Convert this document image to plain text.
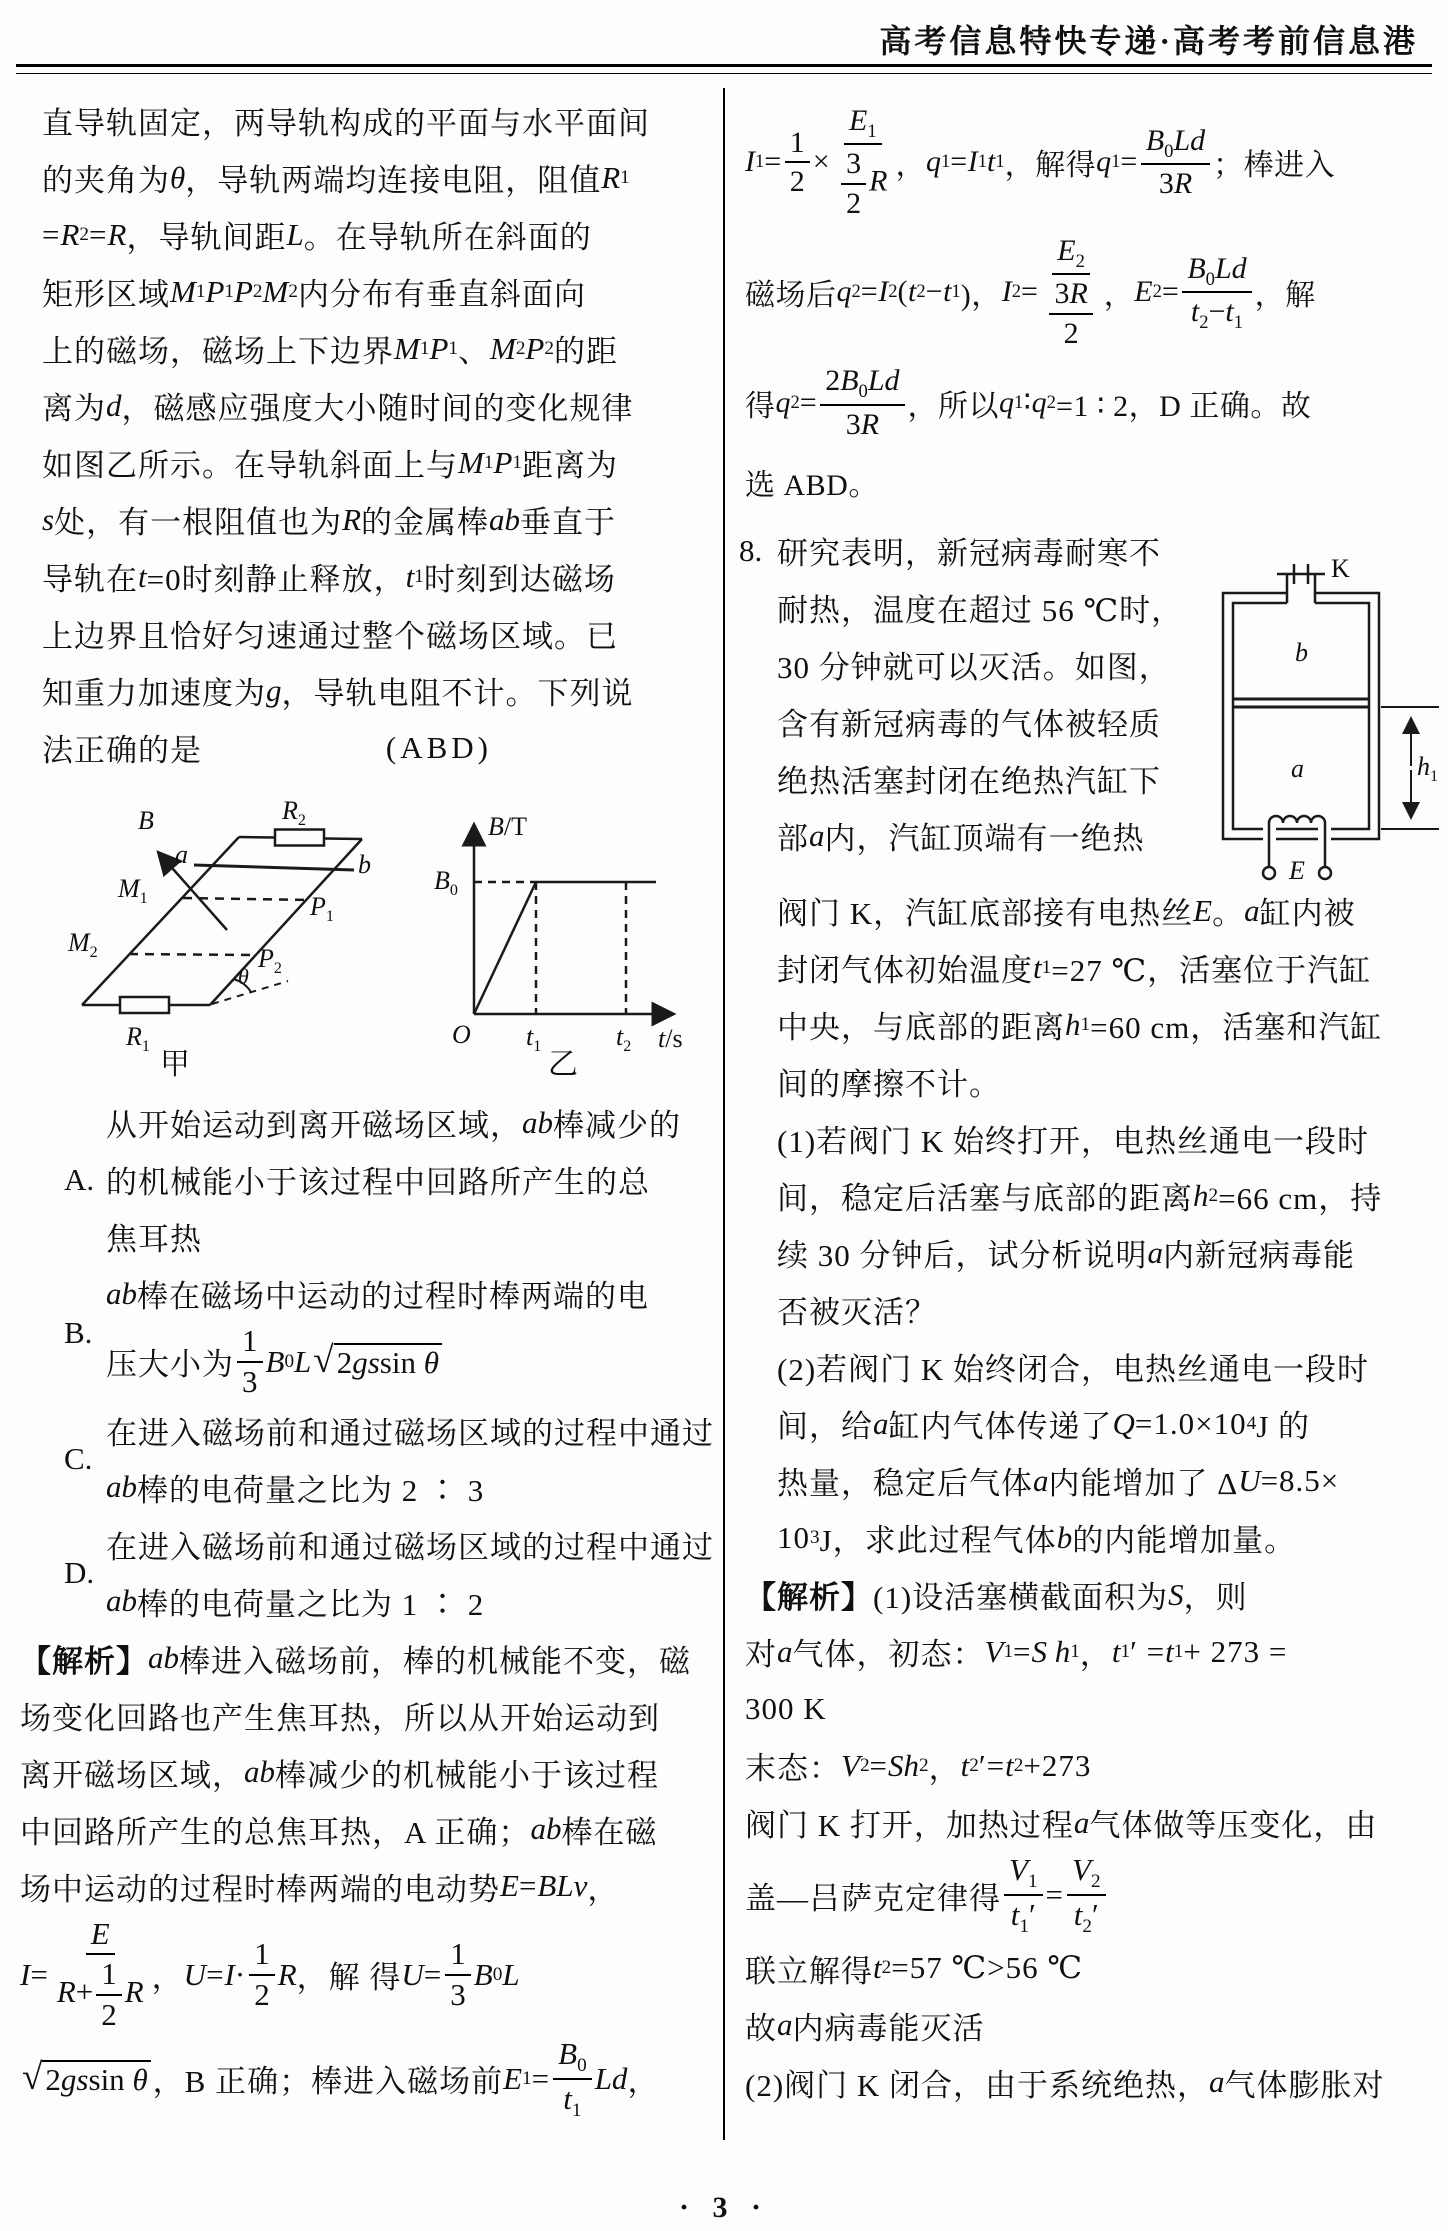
高考信息特快专递·高考考前信息港
直导轨固定，两导轨构成的平面与水平面间
的夹角为 θ ，导轨两端均连接电阻，阻值 R 1
= R 2 = R ，导轨间距 L 。在导轨所在斜面的
矩形区域 M 1 P 1 P 2 M 2 内分布有垂直斜面向
上的磁场，磁场上下边界 M 1 P 1 、 M 2 P 2 的距
离为 d ，磁感应强度大小随时间的变化规律
如图乙所示。在导轨斜面上与 M 1 P 1 距离为
s 处，有一根阻值也为 R 的金属棒 ab 垂直于
导轨在 t =0时刻静止释放， t 1 时刻到达磁场
上边界且恰好匀速通过整个磁场区域。已
知重力加速度为 g ，导轨电阻不计。下列说
法正确的是	(ABD)
B
a	b
$M_1$
$M_2$
$P_1$
$P_2$
θ
$R_2$
$R_1$
甲
B/T
$B_0$
O $t_1$	$t_2$ t/s
乙
A.
从开始运动到离开磁场区域， ab 棒减少的
的机械能小于该过程中回路所产生的总
焦耳热
B.
ab 棒在磁场中运动的过程时棒两端的电
压大小为 $\frac{1}{3}$ B 0 L √ 2gssin θ
C.
在进入磁场前和通过磁场区域的过程中通过
ab 棒的电荷量之比为 2 ∶ 3
D.
在进入磁场前和通过磁场区域的过程中通过
ab 棒的电荷量之比为 1 ∶ 2
【解析】 ab 棒进入磁场前，棒的机械能不变，磁
场变化回路也产生焦耳热，所以从开始运动到
离开磁场区域， ab 棒减少的机械能小于该过程
中回路所产生的总焦耳热，A 正确； ab 棒在磁
场中运动的过程时棒两端的电动势 E = BLv ，
$I = \frac{E}{R+ \frac{1}{2} R}$ ， $U = I \cdot \frac{1}{2}$ R ，解 得 $U = \frac{1}{3}$ B 0 L
√ 2gssin θ ，B 正确；棒进入磁场前 E $1 = \frac{B_0}{t_1}$ Ld ，
I $1 = \frac{1}{2} \times \frac{E_1}{\frac{3}{2} R}$ ， q 1 = I 1 t 1 ，解得 q $1 = \frac{B_0Ld}{3R}$ ；棒进入
磁场后 q 2 = I 2 ( t 2 − t 1 )， I $2 = \frac{E_2}{\frac{3R}{2}}$ ， E $2 = \frac{B_0Ld}{t_2-t_1}$ ，解
得 q $2 = \frac{2B_0Ld}{3R}$ ，所以 q 1 ∶ q 2 =1 ∶ 2，D 正确。故
选 ABD。
8.
K
b
a
E
$h_1$
研究表明，新冠病毒耐寒不
耐热，温度在超过 56 ℃时，
30 分钟就可以灭活。如图，
含有新冠病毒的气体被轻质
绝热活塞封闭在绝热汽缸下
部 a 内，汽缸顶端有一绝热
阀门 K，汽缸底部接有电热丝 E 。 a 缸内被
封闭气体初始温度 t 1 =27 ℃，活塞位于汽缸
中央，与底部的距离 h 1 =60 cm，活塞和汽缸
间的摩擦不计。
(1)若阀门 K 始终打开，电热丝通电一段时
间，稳定后活塞与底部的距离 h 2 =66 cm，持
续 30 分钟后，试分析说明 a 内新冠病毒能
否被灭活？
(2)若阀门 K 始终闭合，电热丝通电一段时
间，给 a 缸内气体传递了 Q =1.0×10 4 J 的
热量，稳定后气体 a 内能增加了 Δ U =8.5×
10 3 J，求此过程气体 b 的内能增加量。
【解析】 (1)设活塞横截面积为 S ，则
对 a 气体，初态： V 1 = S h 1 ， t 1 ′ = t 1 + 273 =
300 K
末态： V 2 = Sh 2 ， t 2 ′= t 2 +273
阀门 K 打开，加热过程 a 气体做等压变化，由
盖—吕萨克定律得 $\frac{V_1}{t_1'} = \frac{V_2}{t_2'}$
联立解得 t 2 =57 ℃>56 ℃
故 a 内病毒能灭活
(2)阀门 K 闭合，由于系统绝热， a 气体膨胀对
· 3 ·
